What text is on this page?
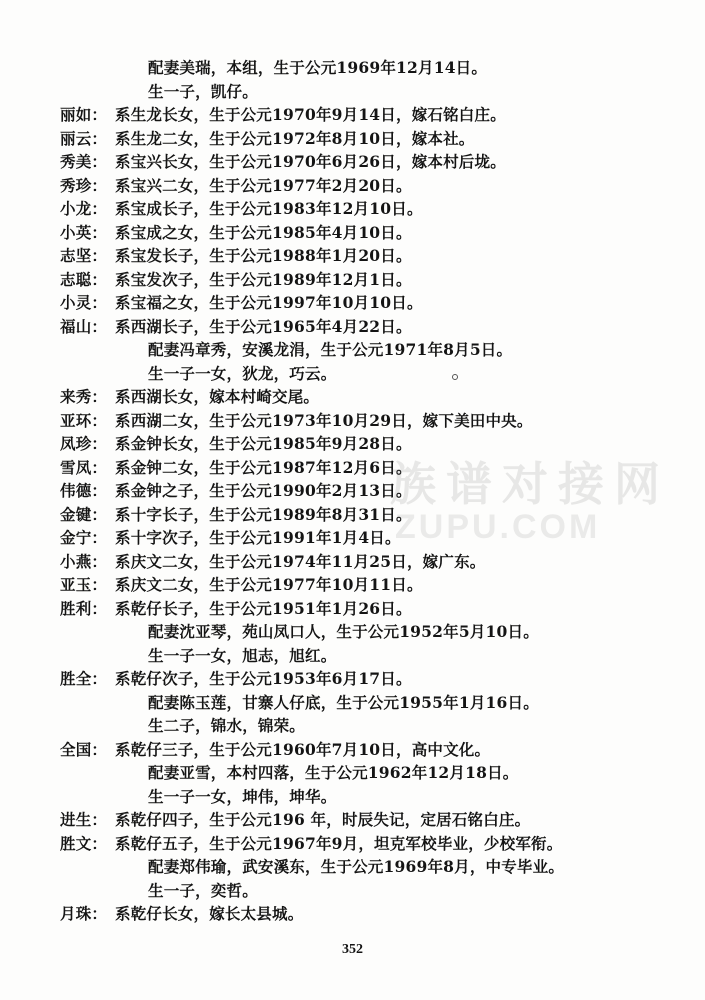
配妻美瑞，本组，生于公元1969年12月14日。
生一子，凯仔。
丽如： 系生龙长女，生于公元1970年9月14日，嫁石铭白庄。
丽云： 系生龙二女，生于公元1972年8月10日，嫁本社。
秀美： 系宝兴长女，生于公元1970年6月26日，嫁本村后垅。
秀珍： 系宝兴二女，生于公元1977年2月20日。
小龙： 系宝成长子，生于公元1983年12月10日。
小英： 系宝成之女，生于公元1985年4月10日。
志坚： 系宝发长子，生于公元1988年1月20日。
志聪： 系宝发次子，生于公元1989年12月1日。
小灵： 系宝福之女，生于公元1997年10月10日。
福山： 系西湖长子，生于公元1965年4月22日。
配妻冯章秀，安溪龙涓，生于公元1971年8月5日。
生一子一女，狄龙，巧云。
来秀： 系西湖长女，嫁本村崎交尾。
亚环： 系西湖二女，生于公元1973年10月29日，嫁下美田中央。
凤珍： 系金钟长女，生于公元1985年9月28日。
雪凤： 系金钟二女，生于公元1987年12月6日。
伟德： 系金钟之子，生于公元1990年2月13日。
金键： 系十字长子，生于公元1989年8月31日。
金宁： 系十字次子，生于公元1991年1月4日。
小燕： 系庆文二女，生于公元1974年11月25日，嫁广东。
亚玉： 系庆文二女，生于公元1977年10月11日。
胜利： 系乾仔长子，生于公元1951年1月26日。
配妻沈亚琴，苑山凤口人，生于公元1952年5月10日。
生一子一女，旭志，旭红。
胜全： 系乾仔次子，生于公元1953年6月17日。
配妻陈玉莲，甘寨人仔底，生于公元1955年1月16日。
生二子，锦水，锦荣。
全国： 系乾仔三子，生于公元1960年7月10日，高中文化。
配妻亚雪，本村四落，生于公元1962年12月18日。
生一子一女，坤伟，坤华。
进生： 系乾仔四子，生于公元196 年，时辰失记，定居石铭白庄。
胜文： 系乾仔五子，生于公元1967年9月，坦克军校毕业，少校军衔。
配妻郑伟瑜，武安溪东，生于公元1969年8月，中专毕业。
生一子，奕哲。
月珠： 系乾仔长女，嫁长太县城。
352
族谱对接网
ZUPU.COM
